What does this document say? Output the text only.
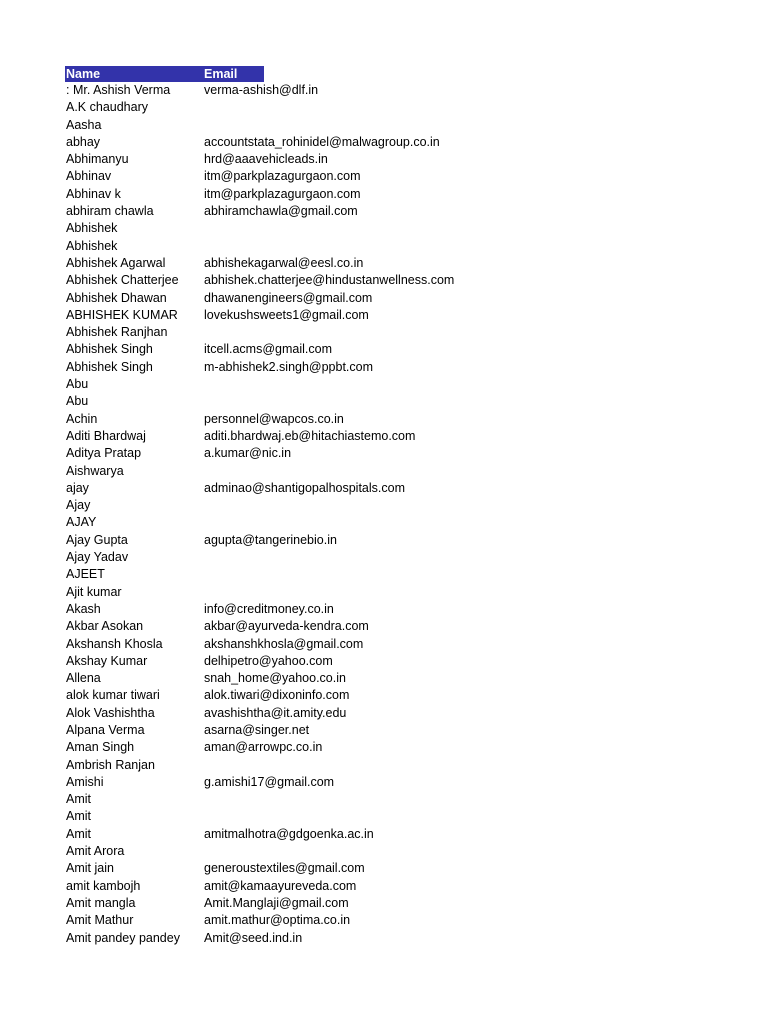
Name	Email
: Mr. Ashish Verma	verma-ashish@dlf.in
A.K chaudhary
Aasha
abhay	accountstata_rohinidel@malwagroup.co.in
Abhimanyu	hrd@aaavehicleads.in
Abhinav	itm@parkplazagurgaon.com
Abhinav k	itm@parkplazagurgaon.com
abhiram chawla	abhiramchawla@gmail.com
Abhishek
Abhishek
Abhishek Agarwal	abhishekagarwal@eesl.co.in
Abhishek Chatterjee	abhishek.chatterjee@hindustanwellness.com
Abhishek Dhawan	dhawanengineers@gmail.com
ABHISHEK KUMAR	lovekushsweets1@gmail.com
Abhishek Ranjhan
Abhishek Singh	itcell.acms@gmail.com
Abhishek Singh	m-abhishek2.singh@ppbt.com
Abu
Abu
Achin	personnel@wapcos.co.in
Aditi Bhardwaj	aditi.bhardwaj.eb@hitachiastemo.com
Aditya Pratap	a.kumar@nic.in
Aishwarya
ajay	adminao@shantigopalhospitals.com
Ajay
AJAY
Ajay Gupta	agupta@tangerinebio.in
Ajay Yadav
AJEET
Ajit kumar
Akash	info@creditmoney.co.in
Akbar Asokan	akbar@ayurveda-kendra.com
Akshansh Khosla	akshanshkhosla@gmail.com
Akshay Kumar	delhipetro@yahoo.com
Allena	snah_home@yahoo.co.in
alok kumar tiwari	alok.tiwari@dixoninfo.com
Alok Vashishtha	avashishtha@it.amity.edu
Alpana Verma	asarna@singer.net
Aman Singh	aman@arrowpc.co.in
Ambrish Ranjan
Amishi	g.amishi17@gmail.com
Amit
Amit
Amit	amitmalhotra@gdgoenka.ac.in
Amit Arora
Amit jain	generoustextiles@gmail.com
amit kambojh	amit@kamaayureveda.com
Amit mangla	Amit.Manglaji@gmail.com
Amit Mathur	amit.mathur@optima.co.in
Amit pandey pandey	Amit@seed.ind.in
